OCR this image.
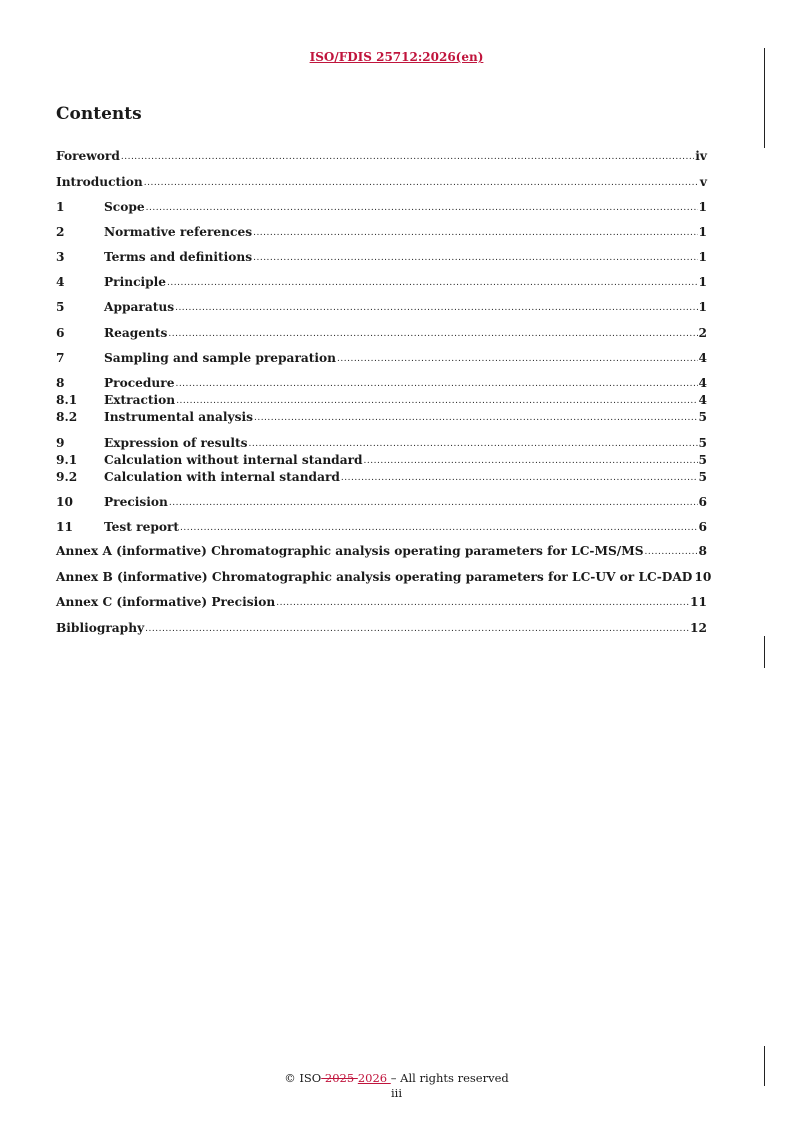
ISO/FDIS 25712:2026(en)
Contents
Foreword .....	iv
Introduction .....	v
1	Scope .....	1
2	Normative references .....	1
3	Terms and definitions .....	1
4	Principle .....	1
5	Apparatus .....	1
6	Reagents .....	2
7	Sampling and sample preparation .....	4
8	Procedure .....	4
8.1	Extraction .....	4
8.2	Instrumental analysis .....	5
9	Expression of results .....	5
9.1	Calculation without internal standard .....	5
9.2	Calculation with internal standard .....	5
10	Precision .....	6
11	Test report .....	6
Annex A (informative) Chromatographic analysis operating parameters for LC-MS/MS .....	8
Annex B (informative) Chromatographic analysis operating parameters for LC-UV or LC-DAD 10
Annex C (informative) Precision .....	11
Bibliography .....	12
© ISO 2025 2026 – All rights reserved
iii
